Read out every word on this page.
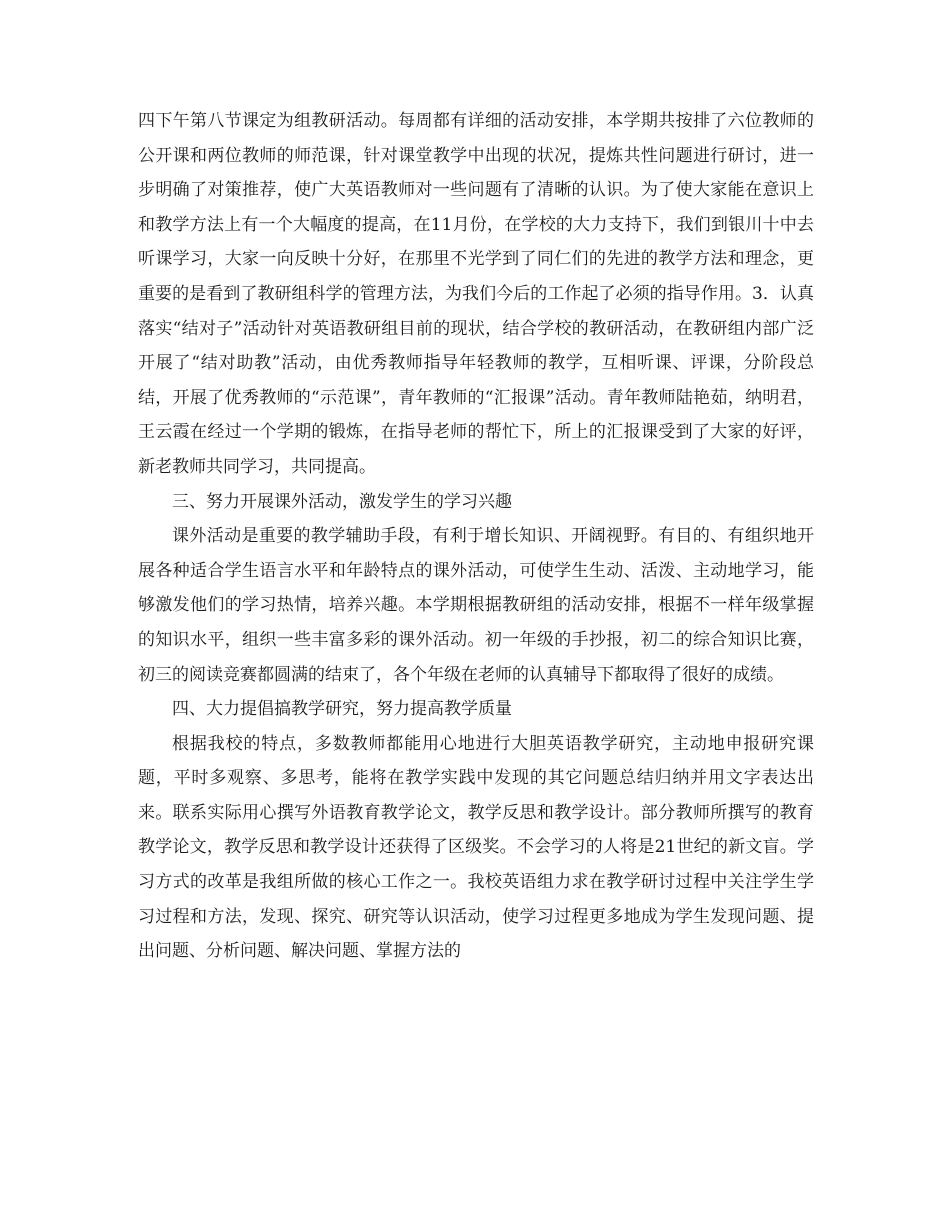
四下午第八节课定为组教研活动。每周都有详细的活动安排，本学期共按排了六位教师的公开课和两位教师的师范课，针对课堂教学中出现的状况，提炼共性问题进行研讨，进一步明确了对策推荐，使广大英语教师对一些问题有了清晰的认识。为了使大家能在意识上和教学方法上有一个大幅度的提高，在11月份，在学校的大力支持下，我们到银川十中去听课学习，大家一向反映十分好，在那里不光学到了同仁们的先进的教学方法和理念，更重要的是看到了教研组科学的管理方法，为我们今后的工作起了必须的指导作用。3．认真落实“结对子”活动针对英语教研组目前的现状，结合学校的教研活动，在教研组内部广泛开展了“结对助教”活动，由优秀教师指导年轻教师的教学，互相听课、评课，分阶段总结，开展了优秀教师的“示范课”，青年教师的“汇报课”活动。青年教师陆艳茹，纳明君，王云霞在经过一个学期的锻炼，在指导老师的帮忙下，所上的汇报课受到了大家的好评，新老教师共同学习，共同提高。

三、努力开展课外活动，激发学生的学习兴趣

课外活动是重要的教学辅助手段，有利于增长知识、开阔视野。有目的、有组织地开展各种适合学生语言水平和年龄特点的课外活动，可使学生生动、活泼、主动地学习，能够激发他们的学习热情，培养兴趣。本学期根据教研组的活动安排，根据不一样年级掌握的知识水平，组织一些丰富多彩的课外活动。初一年级的手抄报，初二的综合知识比赛，初三的阅读竞赛都圆满的结束了，各个年级在老师的认真辅导下都取得了很好的成绩。

四、大力提倡搞教学研究，努力提高教学质量

根据我校的特点，多数教师都能用心地进行大胆英语教学研究，主动地申报研究课题，平时多观察、多思考，能将在教学实践中发现的其它问题总结归纳并用文字表达出来。联系实际用心撰写外语教育教学论文，教学反思和教学设计。部分教师所撰写的教育教学论文，教学反思和教学设计还获得了区级奖。不会学习的人将是21世纪的新文盲。学习方式的改革是我组所做的核心工作之一。我校英语组力求在教学研讨过程中关注学生学习过程和方法，发现、探究、研究等认识活动，使学习过程更多地成为学生发现问题、提出问题、分析问题、解决问题、掌握方法的
